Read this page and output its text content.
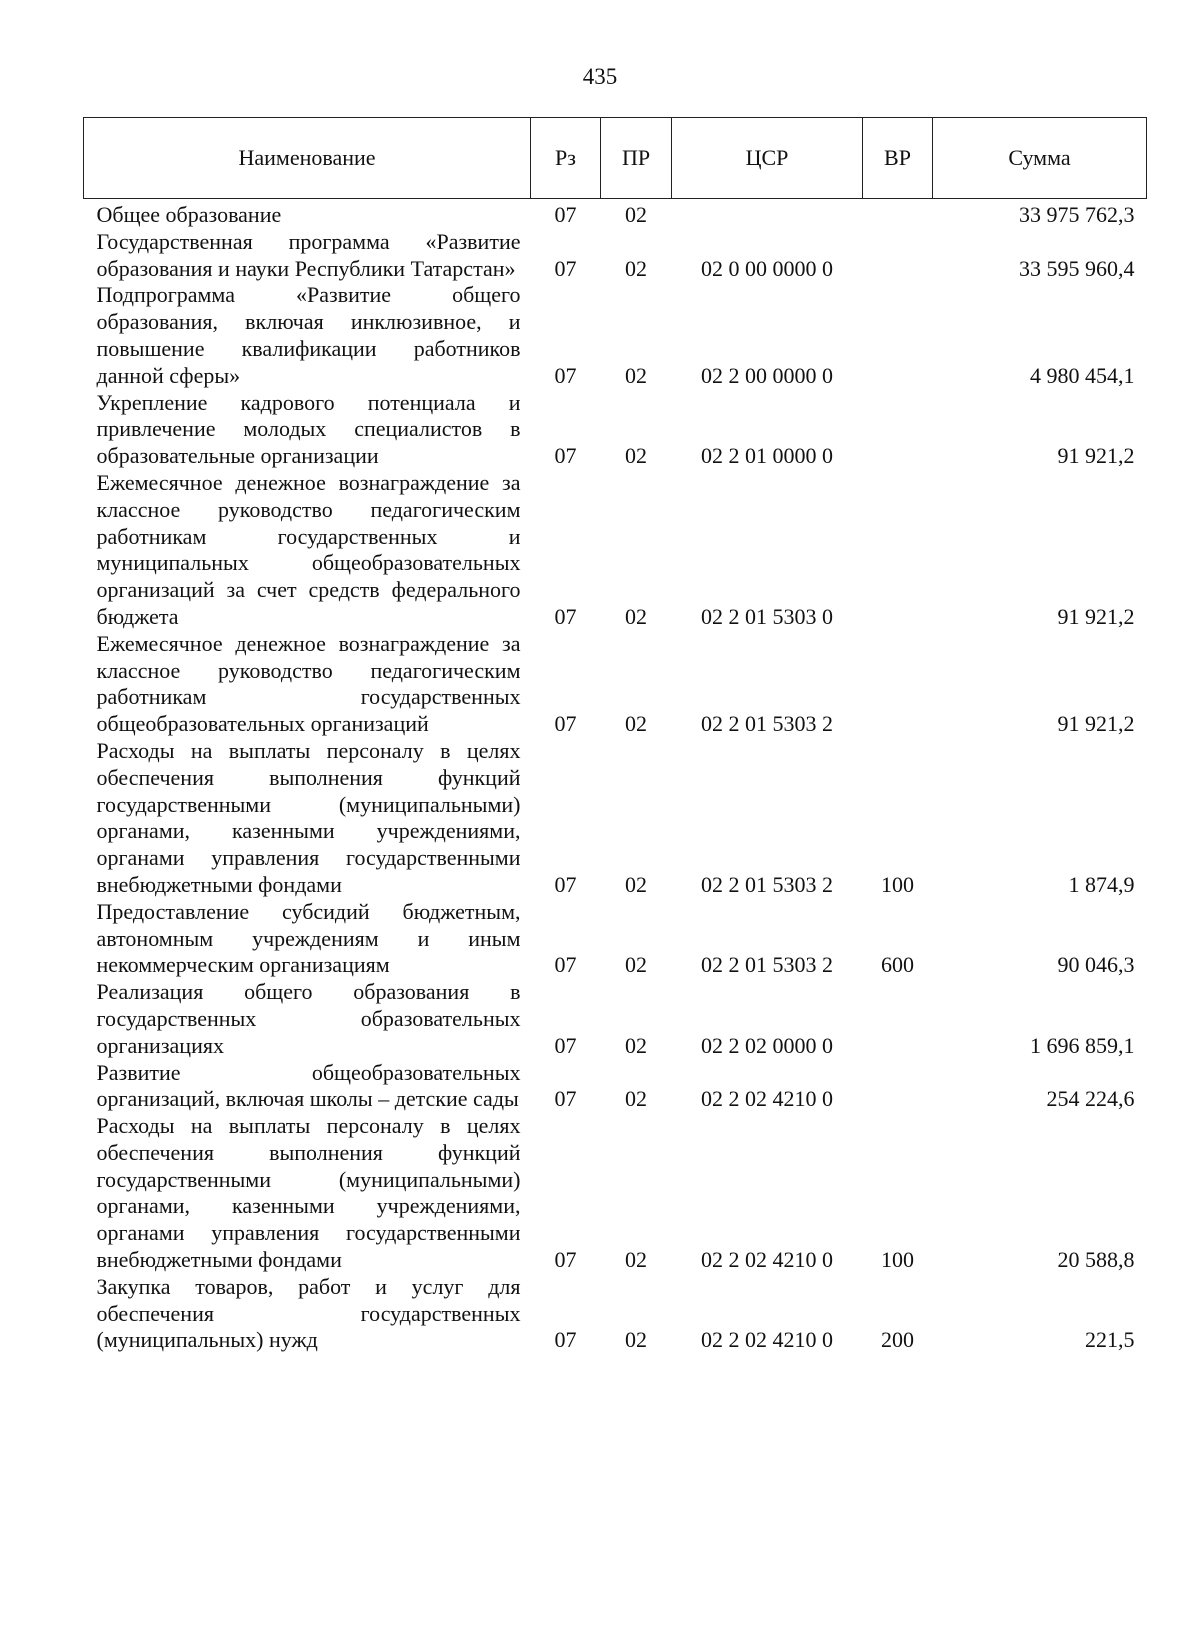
435
Наименование	Рз	ПР	ЦСР	ВР	Сумма
Общее образование	07	02			33 975 762,3
Государственная программа «Развитие образования и науки Республики Татарстан»	07	02	02 0 00 0000 0		33 595 960,4
Подпрограмма «Развитие общего образования, включая инклюзивное, и повышение квалификации работников данной сферы»	07	02	02 2 00 0000 0		4 980 454,1
Укрепление кадрового потенциала и привлечение молодых специалистов в образовательные организации	07	02	02 2 01 0000 0		91 921,2
Ежемесячное денежное вознаграждение за классное руководство педагогическим работникам государственных и муниципальных общеобразовательных организаций за счет средств федерального бюджета	07	02	02 2 01 5303 0		91 921,2
Ежемесячное денежное вознаграждение за классное руководство педагогическим работникам государственных общеобразовательных организаций	07	02	02 2 01 5303 2		91 921,2
Расходы на выплаты персоналу в целях обеспечения выполнения функций государственными (муниципальными) органами, казенными учреждениями, органами управления государственными внебюджетными фондами	07	02	02 2 01 5303 2	100	1 874,9
Предоставление субсидий бюджетным, автономным учреждениям и иным некоммерческим организациям	07	02	02 2 01 5303 2	600	90 046,3
Реализация общего образования в государственных образовательных организациях	07	02	02 2 02 0000 0		1 696 859,1
Развитие общеобразовательных организаций, включая школы – детские сады	07	02	02 2 02 4210 0		254 224,6
Расходы на выплаты персоналу в целях обеспечения выполнения функций государственными (муниципальными) органами, казенными учреждениями, органами управления государственными внебюджетными фондами	07	02	02 2 02 4210 0	100	20 588,8
Закупка товаров, работ и услуг для обеспечения государственных (муниципальных) нужд	07	02	02 2 02 4210 0	200	221,5
